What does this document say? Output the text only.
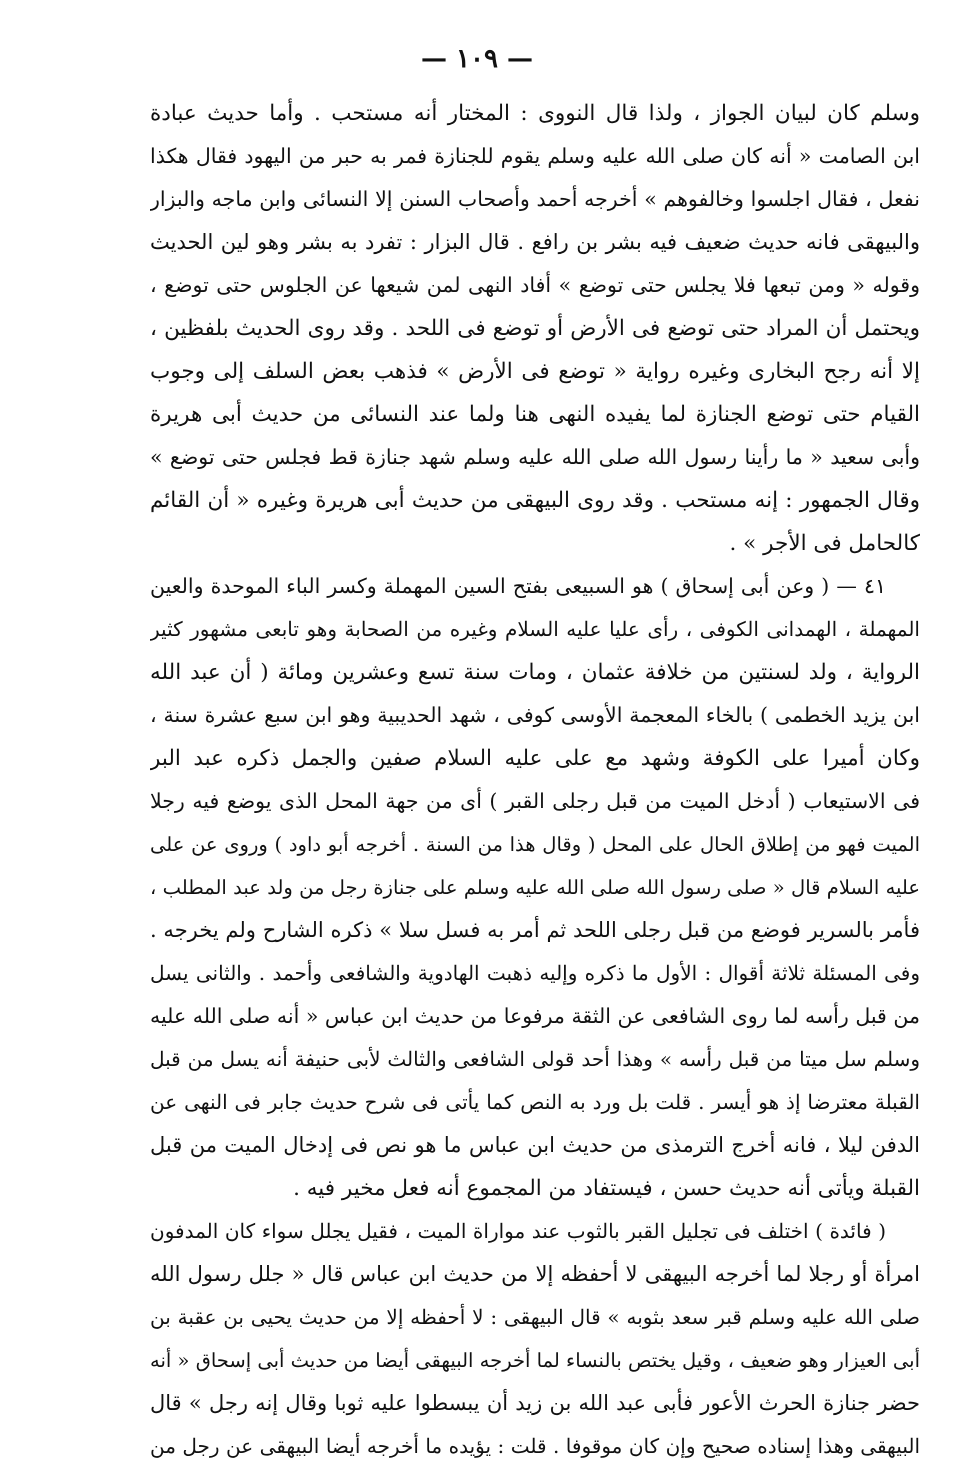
— ١٠٩ —
وسلم كان لبيان الجواز ، ولذا قال النووى : المختار أنه مستحب . وأما حديث عبادة
ابن الصامت « أنه كان صلى الله عليه وسلم يقوم للجنازة فمر به حبر من اليهود فقال هكذا
نفعل ، فقال اجلسوا وخالفوهم » أخرجه أحمد وأصحاب السنن إلا النسائى وابن ماجه والبزار
والبيهقى فانه حديث ضعيف فيه بشر بن رافع . قال البزار : تفرد به بشر وهو لين الحديث
وقوله « ومن تبعها فلا يجلس حتى توضع » أفاد النهى لمن شيعها عن الجلوس حتى توضع ،
ويحتمل أن المراد حتى توضع فى الأرض أو توضع فى اللحد . وقد روى الحديث بلفظين ،
إلا أنه رجح البخارى وغيره رواية « توضع فى الأرض » فذهب بعض السلف إلى وجوب
القيام حتى توضع الجنازة لما يفيده النهى هنا ولما عند النسائى من حديث أبى هريرة
وأبى سعيد « ما رأينا رسول الله صلى الله عليه وسلم شهد جنازة قط فجلس حتى توضع »
وقال الجمهور : إنه مستحب . وقد روى البيهقى من حديث أبى هريرة وغيره « أن القائم
كالحامل فى الأجر » .
٤١ — ( وعن أبى إسحاق ) هو السبيعى بفتح السين المهملة وكسر الباء الموحدة والعين
المهملة ، الهمدانى الكوفى ، رأى عليا عليه السلام وغيره من الصحابة وهو تابعى مشهور كثير
الرواية ، ولد لسنتين من خلافة عثمان ، ومات سنة تسع وعشرين ومائة ( أن عبد الله
ابن يزيد الخطمى ) بالخاء المعجمة الأوسى كوفى ، شهد الحديبية وهو ابن سبع عشرة سنة ،
وكان أميرا على الكوفة وشهد مع على عليه السلام صفين والجمل ذكره عبد البر
فى الاستيعاب ( أدخل الميت من قبل رجلى القبر ) أى من جهة المحل الذى يوضع فيه رجلا
الميت فهو من إطلاق الحال على المحل ( وقال هذا من السنة . أخرجه أبو داود ) وروى عن على
عليه السلام قال « صلى رسول الله صلى الله عليه وسلم على جنازة رجل من ولد عبد المطلب ،
فأمر بالسرير فوضع من قبل رجلى اللحد ثم أمر به فسل سلا » ذكره الشارح ولم يخرجه .
وفى المسئلة ثلاثة أقوال : الأول ما ذكره وإليه ذهبت الهادوية والشافعى وأحمد . والثانى يسل
من قبل رأسه لما روى الشافعى عن الثقة مرفوعا من حديث ابن عباس « أنه صلى الله عليه
وسلم سل ميتا من قبل رأسه » وهذا أحد قولى الشافعى والثالث لأبى حنيفة أنه يسل من قبل
القبلة معترضا إذ هو أيسر . قلت بل ورد به النص كما يأتى فى شرح حديث جابر فى النهى عن
الدفن ليلا ، فانه أخرج الترمذى من حديث ابن عباس ما هو نص فى إدخال الميت من قبل
القبلة ويأتى أنه حديث حسن ، فيستفاد من المجموع أنه فعل مخير فيه .
( فائدة ) اختلف فى تجليل القبر بالثوب عند مواراة الميت ، فقيل يجلل سواء كان المدفون
امرأة أو رجلا لما أخرجه البيهقى لا أحفظه إلا من حديث ابن عباس قال « جلل رسول الله
صلى الله عليه وسلم قبر سعد بثوبه » قال البيهقى : لا أحفظه إلا من حديث يحيى بن عقبة بن
أبى العيزار وهو ضعيف ، وقيل يختص بالنساء لما أخرجه البيهقى أيضا من حديث أبى إسحاق « أنه
حضر جنازة الحرث الأعور فأبى عبد الله بن زيد أن يبسطوا عليه ثوبا وقال إنه رجل » قال
البيهقى وهذا إسناده صحيح وإن كان موقوفا . قلت : يؤيده ما أخرجه أيضا البيهقى عن رجل من
